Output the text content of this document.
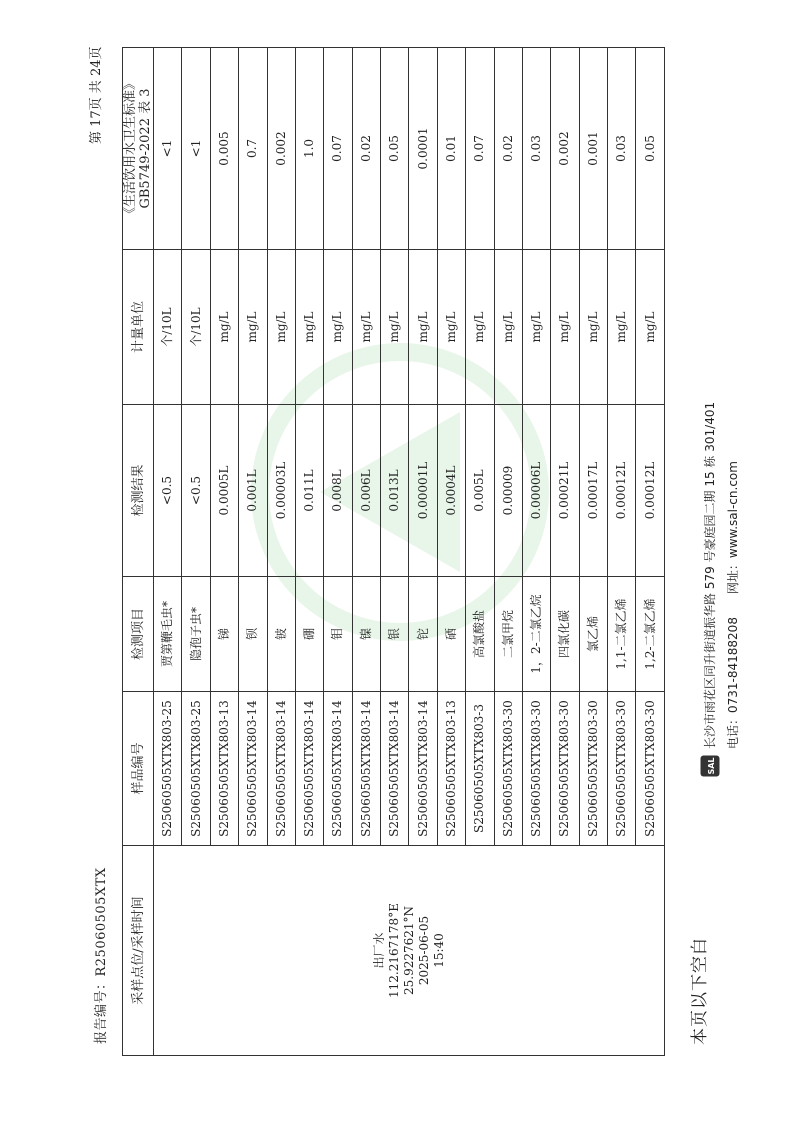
报告编号：R25060505XTX
第 17页 共 24页
采样点位/采样时间	样品编号	检测项目	检测结果	计量单位	《生活饮用水卫生标准》 GB5749-2022 表 3

出厂水 112.2167178°E 25.9227621°N 2025-06-05 15:40	S25060505XTX803-25	贾第鞭毛虫*	<0.5	个/10L	<1
	S25060505XTX803-25	隐孢子虫*	<0.5	个/10L	<1
	S25060505XTX803-13	锑	0.0005L	mg/L	0.005
	S25060505XTX803-14	钡	0.001L	mg/L	0.7
	S25060505XTX803-14	铍	0.00003L	mg/L	0.002
	S25060505XTX803-14	硼	0.011L	mg/L	1.0
	S25060505XTX803-14	钼	0.008L	mg/L	0.07
	S25060505XTX803-14	镍	0.006L	mg/L	0.02
	S25060505XTX803-14	银	0.013L	mg/L	0.05
	S25060505XTX803-14	铊	0.00001L	mg/L	0.0001
	S25060505XTX803-13	硒	0.0004L	mg/L	0.01
	S25060505XTX803-3	高氯酸盐	0.005L	mg/L	0.07
	S25060505XTX803-30	二氯甲烷	0.00009	mg/L	0.02
	S25060505XTX803-30	1，2-二氯乙烷	0.00006L	mg/L	0.03
	S25060505XTX803-30	四氯化碳	0.00021L	mg/L	0.002
	S25060505XTX803-30	氯乙烯	0.00017L	mg/L	0.001
	S25060505XTX803-30	1,1-二氯乙烯	0.00012L	mg/L	0.03
	S25060505XTX803-30	1,2-二氯乙烯	0.00012L	mg/L	0.05
本页以下空白
SAL
长沙市雨花区同升街道振华路 579 号豪庭园二期 15 栋 301/401 电话：0731-84188208      网址：www.sal-cn.com
